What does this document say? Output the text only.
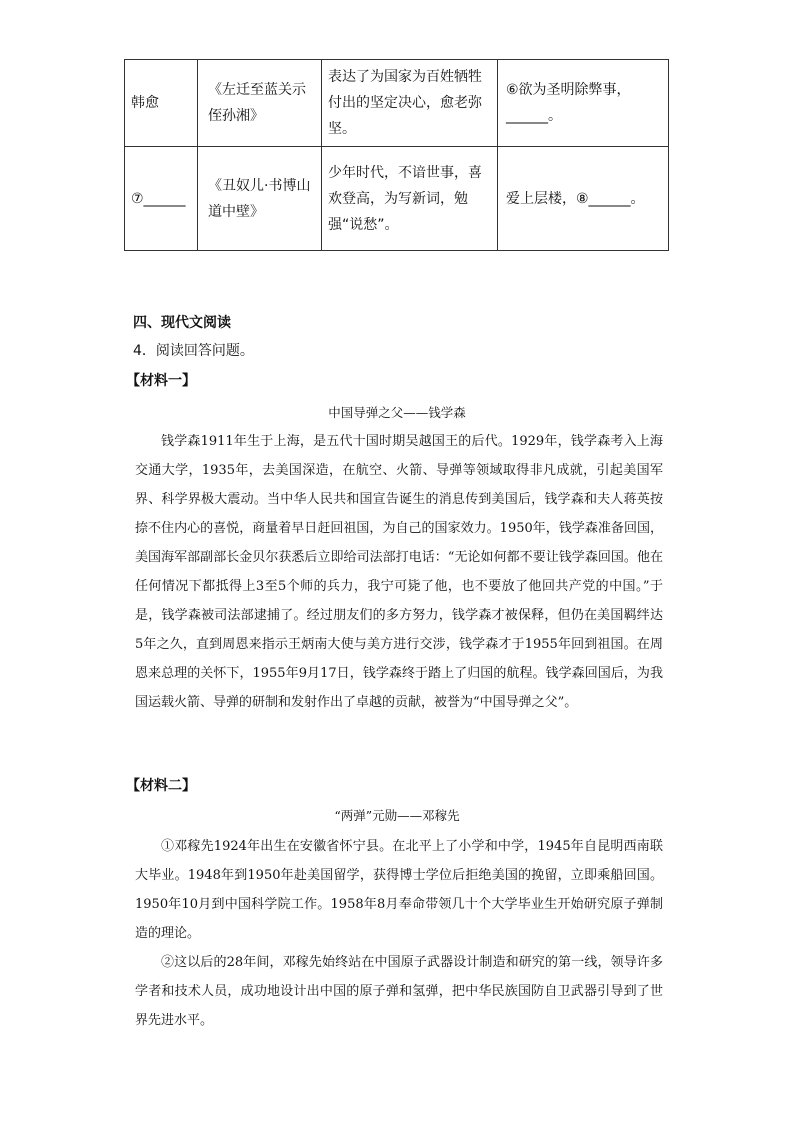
韩愈	《左迁至蓝关示侄孙湘》	表达了为国家为百姓牺牲付出的坚定决心，愈老弥坚。	⑥欲为圣明除弊事，______。
⑦______	《丑奴儿·书博山道中壁》	少年时代，不谙世事，喜欢登高，为写新词，勉强“说愁”。	爱上层楼，⑧______。
四、现代文阅读
4．阅读回答问题。
【材料一】
中国导弹之父——钱学森

钱学森1911年生于上海，是五代十国时期吴越国王的后代。1929年，钱学森考入上海交通大学，1935年，去美国深造，在航空、火箭、导弹等领域取得非凡成就，引起美国军界、科学界极大震动。当中华人民共和国宣告诞生的消息传到美国后，钱学森和夫人蒋英按捺不住内心的喜悦，商量着早日赶回祖国，为自己的国家效力。1950年，钱学森准备回国，美国海军部副部长金贝尔获悉后立即给司法部打电话：“无论如何都不要让钱学森回国。他在任何情况下都抵得上3至5个师的兵力，我宁可毙了他，也不要放了他回共产党的中国。”于是，钱学森被司法部逮捕了。经过朋友们的多方努力，钱学森才被保释，但仍在美国羁绊达5年之久，直到周恩来指示王炳南大使与美方进行交涉，钱学森才于1955年回到祖国。在周恩来总理的关怀下，1955年9月17日，钱学森终于踏上了归国的航程。钱学森回国后，为我国运载火箭、导弹的研制和发射作出了卓越的贡献，被誉为“中国导弹之父”。

【材料二】
“两弹”元勋——邓稼先

①邓稼先1924年出生在安徽省怀宁县。在北平上了小学和中学，1945年自昆明西南联大毕业。1948年到1950年赴美国留学，获得博士学位后拒绝美国的挽留，立即乘船回国。1950年10月到中国科学院工作。1958年8月奉命带领几十个大学毕业生开始研究原子弹制造的理论。

②这以后的28年间，邓稼先始终站在中国原子武器设计制造和研究的第一线，领导许多学者和技术人员，成功地设计出中国的原子弹和氢弹，把中华民族国防自卫武器引导到了世界先进水平。
